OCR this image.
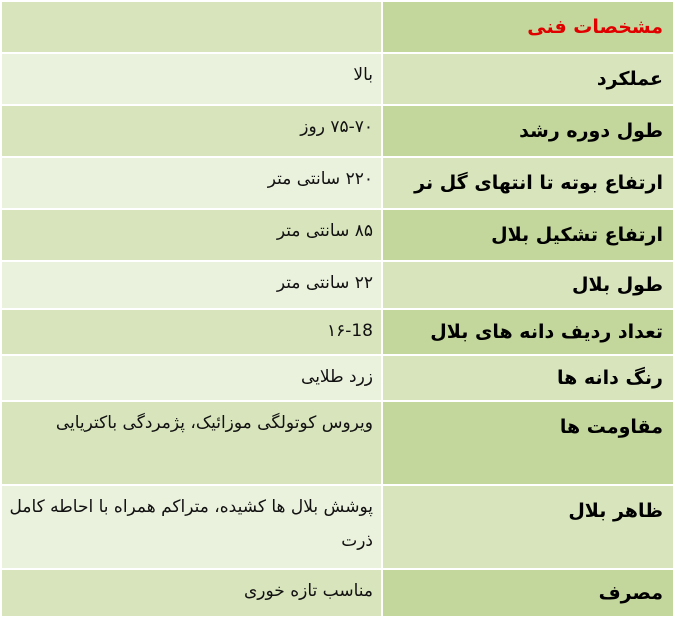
مشخصات فنی	
عملکرد	بالا
طول دوره رشد	۷۵-۷۰ روز
ارتفاع بوته تا انتهای گل نر	۲۲۰ سانتی متر
ارتفاع تشکیل بلال	۸۵ سانتی متر
طول بلال	۲۲ سانتی متر
تعداد ردیف دانه های بلال	۱۶-18
رنگ دانه ها	زرد طلایی
مقاومت ها	ویروس کوتولگی موزائیک، پژمردگی باکتریایی
ظاهر بلال	پوشش بلال ها کشیده، متراکم همراه با احاطه کامل ذرت
مصرف	مناسب تازه خوری
